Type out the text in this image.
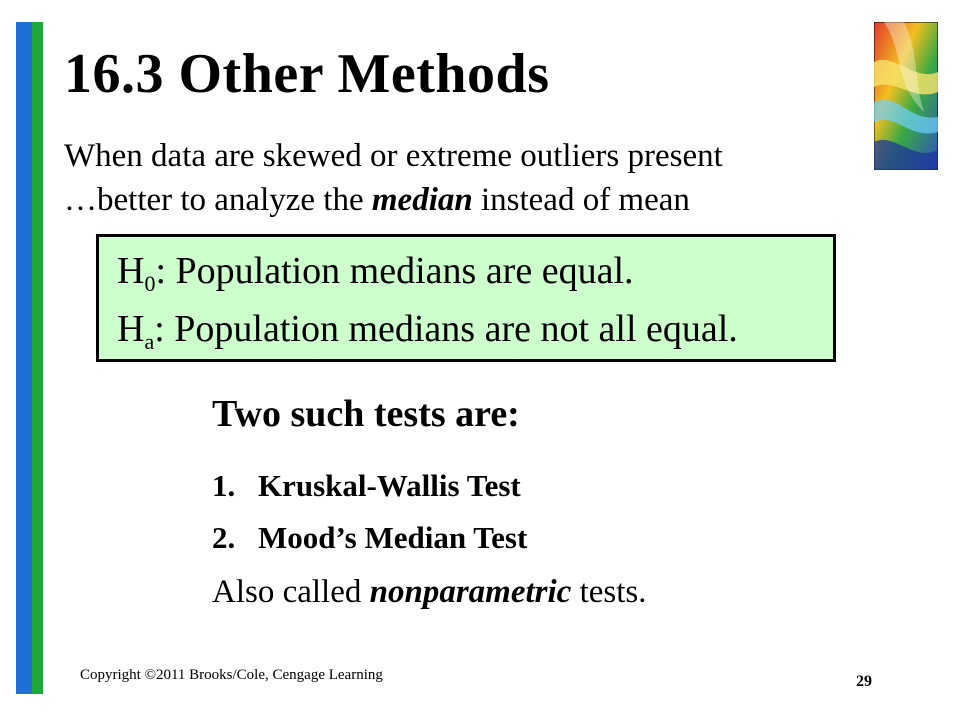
16.3 Other Methods
When data are skewed or extreme outliers present
…better to analyze the median instead of mean
$H_0$: Population medians are equal.
$H_a$: Population medians are not all equal.
Two such tests are:
1. Kruskal-Wallis Test
2. Mood’s Median Test
Also called nonparametric tests.
Copyright ©2011 Brooks/Cole, Cengage Learning	29
